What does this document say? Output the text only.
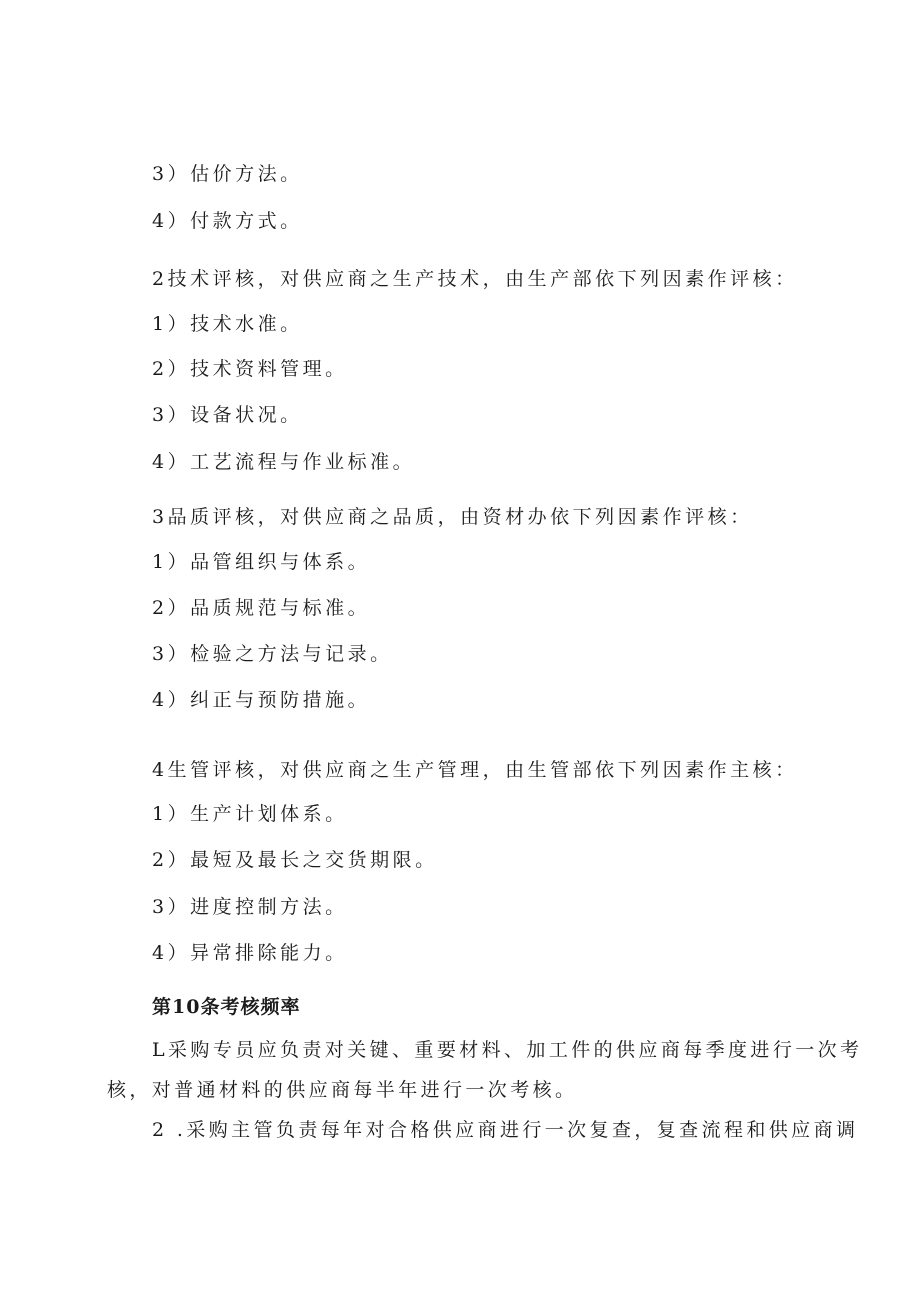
3）估价方法。
4）付款方式。
2技术评核，对供应商之生产技术，由生产部依下列因素作评核：
1）技术水准。
2）技术资料管理。
3）设备状况。
4）工艺流程与作业标准。
3品质评核，对供应商之品质，由资材办依下列因素作评核：
1）品管组织与体系。
2）品质规范与标准。
3）检验之方法与记录。
4）纠正与预防措施。
4生管评核，对供应商之生产管理，由生管部依下列因素作主核：
1）生产计划体系。
2）最短及最长之交货期限。
3）进度控制方法。
4）异常排除能力。
第10条考核频率
L采购专员应负责对关键、重要材料、加工件的供应商每季度进行一次考
核，对普通材料的供应商每半年进行一次考核。
2 .采购主管负责每年对合格供应商进行一次复查，复查流程和供应商调
